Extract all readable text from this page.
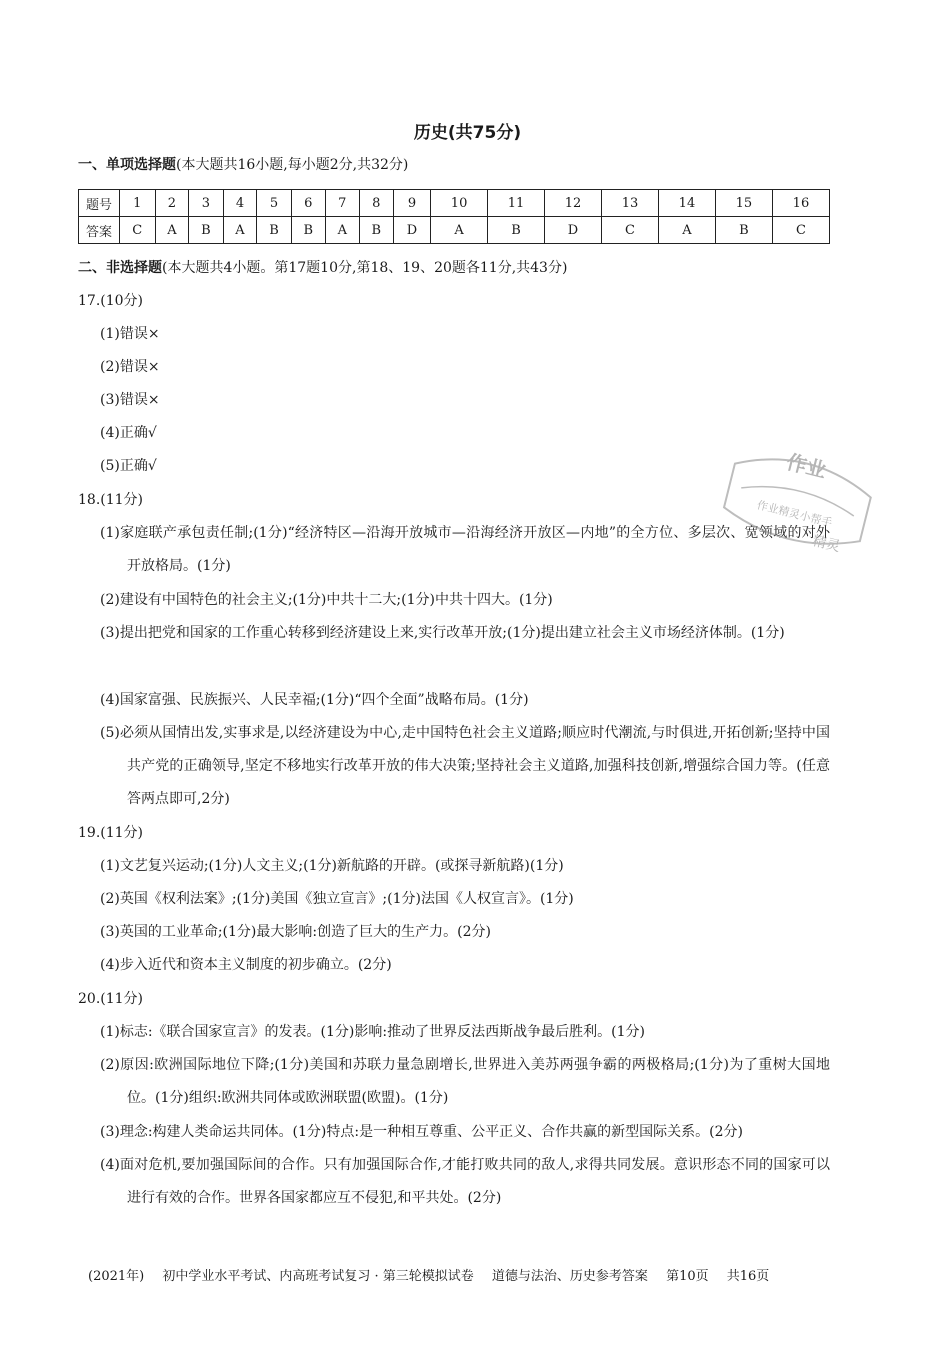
历史(共75分)
一、单项选择题(本大题共16小题,每小题2分,共32分)
题号	1	2	3	4	5	6	7	8	9	10	11	12	13	14	15	16
答案	C	A	B	A	B	B	A	B	D	A	B	D	C	A	B	C
二、非选择题(本大题共4小题。第17题10分,第18、19、20题各11分,共43分)
17.(10分)
(1)错误×
(2)错误×
(3)错误×
(4)正确√
(5)正确√
18.(11分)
(1)家庭联产承包责任制;(1分)“经济特区—沿海开放城市—沿海经济开放区—内地”的全方位、多层次、宽领域的对外开放格局。(1分)
(2)建设有中国特色的社会主义;(1分)中共十二大;(1分)中共十四大。(1分)
(3)提出把党和国家的工作重心转移到经济建设上来,实行改革开放;(1分)提出建立社会主义市场经济体制。(1分)
(4)国家富强、民族振兴、人民幸福;(1分)“四个全面”战略布局。(1分)
(5)必须从国情出发,实事求是,以经济建设为中心,走中国特色社会主义道路;顺应时代潮流,与时俱进,开拓创新;坚持中国共产党的正确领导,坚定不移地实行改革开放的伟大决策;坚持社会主义道路,加强科技创新,增强综合国力等。(任意答两点即可,2分)
19.(11分)
(1)文艺复兴运动;(1分)人文主义;(1分)新航路的开辟。(或探寻新航路)(1分)
(2)英国《权利法案》;(1分)美国《独立宣言》;(1分)法国《人权宣言》。(1分)
(3)英国的工业革命;(1分)最大影响:创造了巨大的生产力。(2分)
(4)步入近代和资本主义制度的初步确立。(2分)
20.(11分)
(1)标志:《联合国家宣言》的发表。(1分)影响:推动了世界反法西斯战争最后胜利。(1分)
(2)原因:欧洲国际地位下降;(1分)美国和苏联力量急剧增长,世界进入美苏两强争霸的两极格局;(1分)为了重树大国地位。(1分)组织:欧洲共同体或欧洲联盟(欧盟)。(1分)
(3)理念:构建人类命运共同体。(1分)特点:是一种相互尊重、公平正义、合作共赢的新型国际关系。(2分)
(4)面对危机,要加强国际间的合作。只有加强国际合作,才能打败共同的敌人,求得共同发展。意识形态不同的国家可以进行有效的合作。世界各国家都应互不侵犯,和平共处。(2分)
作业
作业精灵小帮手
精灵
(2021年) 初中学业水平考试、内高班考试复习 · 第三轮模拟试卷 道德与法治、历史参考答案 第10页 共16页
